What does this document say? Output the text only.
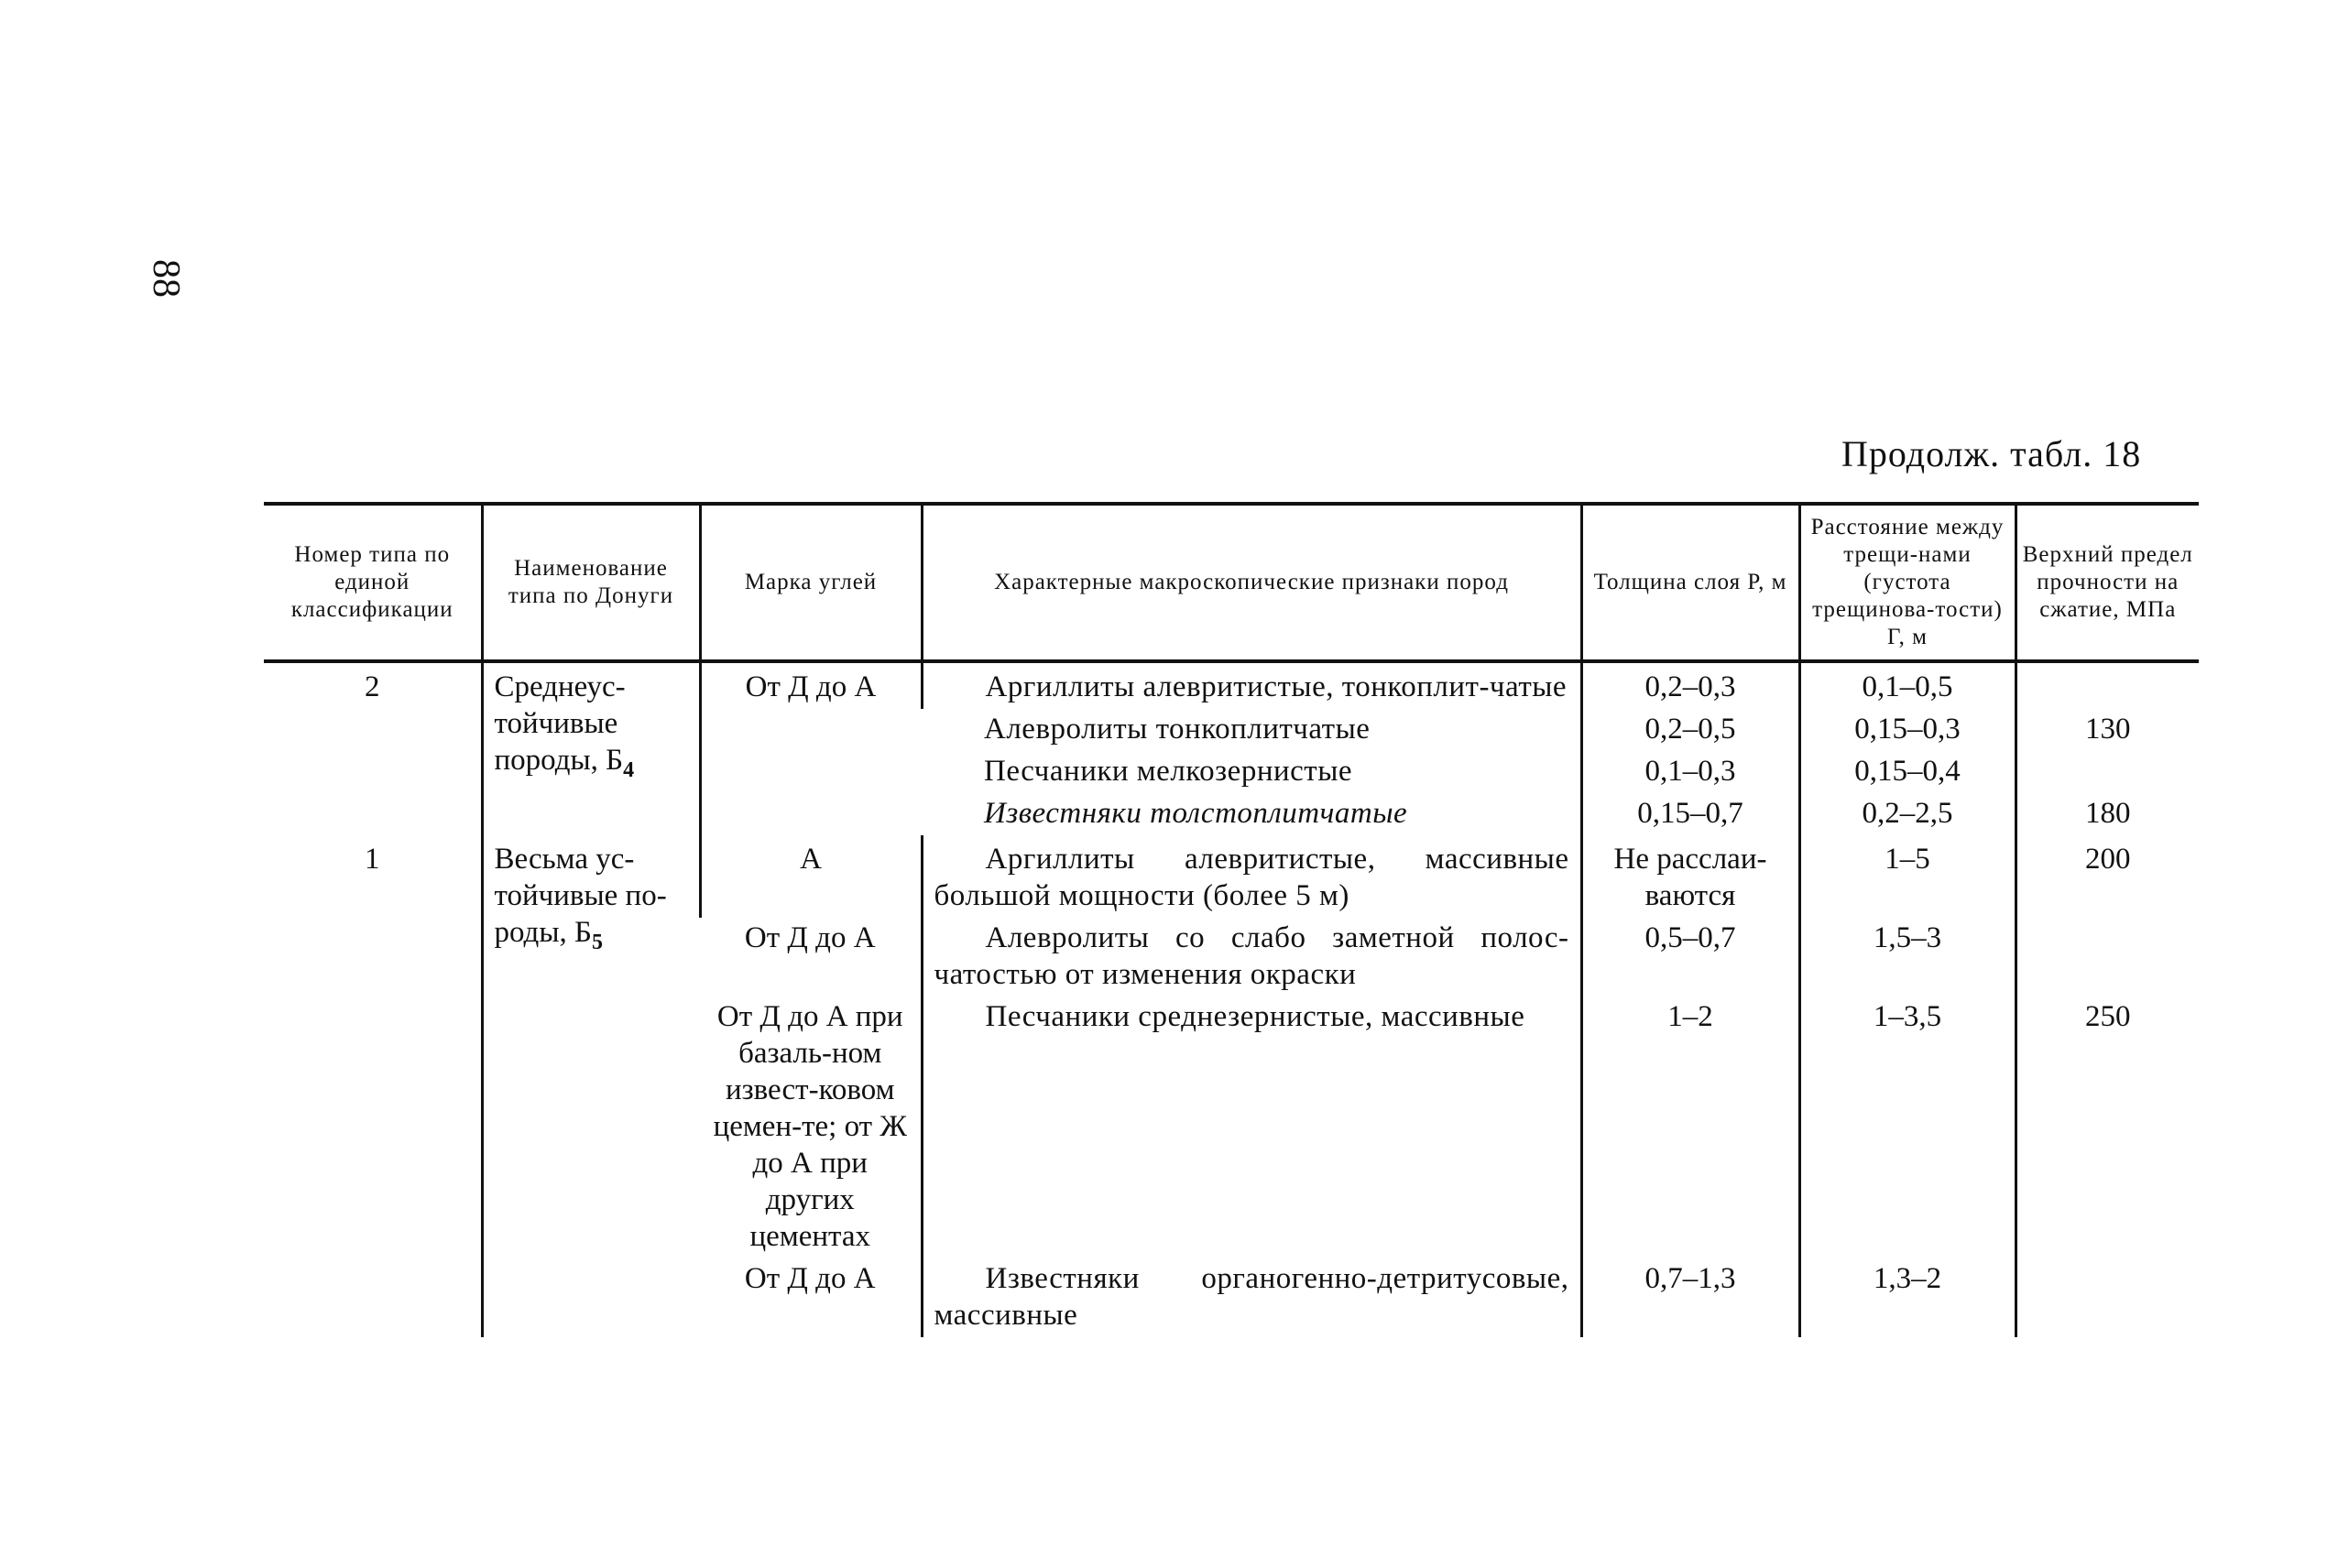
88
Продолж. табл. 18
Номер типа по единой классификации	Наименование типа по Донуги	Марка углей	Характерные макроскопические признаки пород	Толщина слоя Р, м	Расстояние между трещи-нами (густота трещинова-тости) Г, м	Верхний предел прочности на сжатие, МПа
2	Среднеус-тойчивые породы, $Б_4$	От Д до А	Аргиллиты алевритистые, тонкоплит-чатые	0,2–0,3	0,1–0,5	

			Алевролиты тонкоплитчатые	0,2–0,5	0,15–0,3	130

			Песчаники мелкозернистые	0,1–0,3	0,15–0,4	

			Известняки толстоплитчатые	0,15–0,7	0,2–2,5	180
1	Весьма ус-тойчивые по-роды, $Б_5$	А	Аргиллиты алевритистые, массивные большой мощности (более 5 м)	Не расслаи-ваются	1–5	200
		От Д до А	Алевролиты со слабо заметной полос-чатостью от изменения окраски	0,5–0,7	1,5–3	
		От Д до А при базаль-ном извест-ковом цемен-те; от Ж до А при других цементах	Песчаники среднезернистые, массивные	1–2	1–3,5	250
		От Д до А	Известняки органогенно-детритусовые, массивные	0,7–1,3	1,3–2	
